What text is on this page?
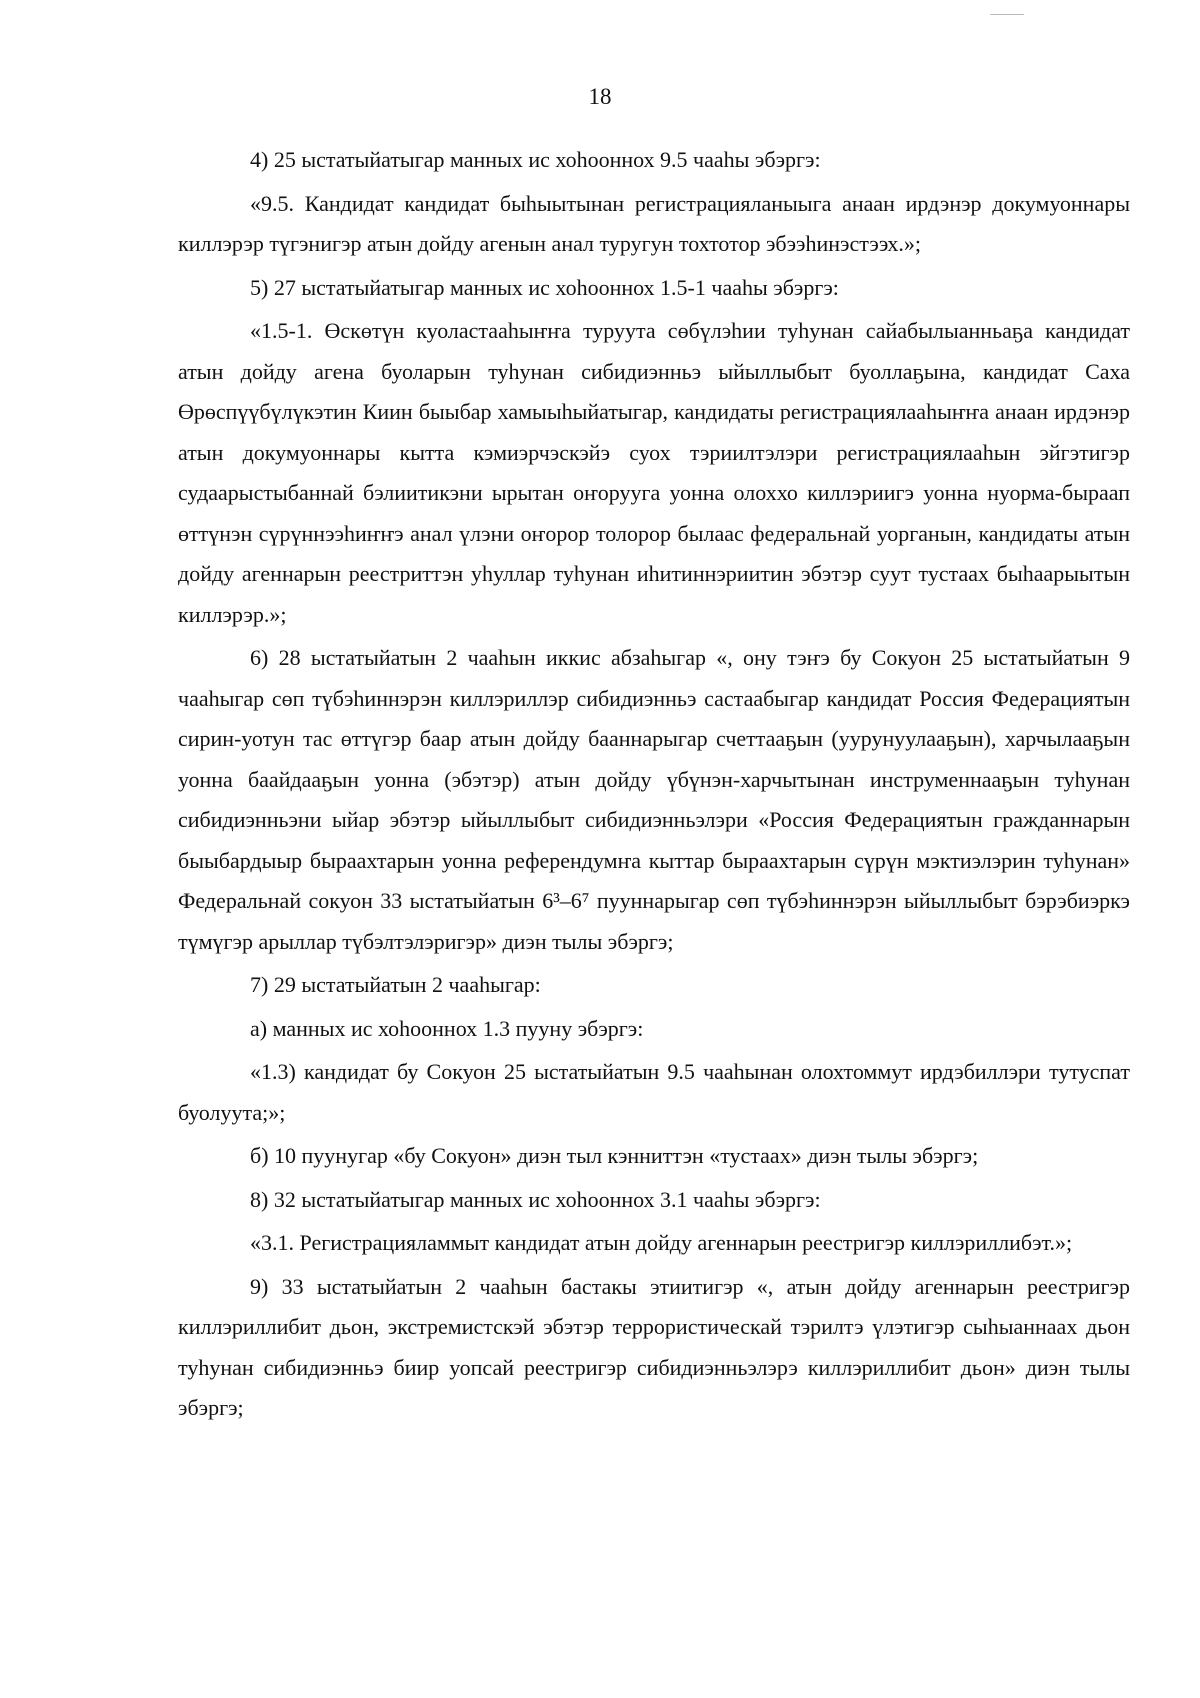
18

4) 25 ыстатыйатыгар манных ис хоһооннох 9.5 чааһы эбэргэ:

«9.5. Кандидат кандидат быһыытынан регистрацияланыыга анаан ирдэнэр докумуоннары киллэрэр түгэнигэр атын дойду агенын анал туругун тохтотор эбээһинэстээх.»;

5) 27 ыстатыйатыгар манных ис хоһооннох 1.5-1 чааһы эбэргэ:

«1.5-1. Өскөтүн куоластааһыҥҥа туруута сөбүлэһии туһунан сайабылыанньаҕа кандидат атын дойду агена буоларын туһунан сибидиэнньэ ыйыллыбыт буоллаҕына, кандидат Саха Өрөспүүбүлүкэтин Киин быыбар хамыыһыйатыгар, кандидаты регистрациялааһыҥҥа анаан ирдэнэр атын докумуоннары кытта кэмиэрчэскэйэ суох тэриилтэлэри регистрациялааһын эйгэтигэр судаарыстыбаннай бэлиитикэни ырытан оҥорууга уонна олоххо киллэриигэ уонна нуорма-быраап өттүнэн сүрүннээһиҥҥэ анал үлэни оҥорор толорор былаас федеральнай уорганын, кандидаты атын дойду агеннарын реестриттэн уһуллар туһунан иһитиннэриитин эбэтэр суут тустаах быһаарыытын киллэрэр.»;

6) 28 ыстатыйатын 2 чааһын иккис абзаһыгар «, ону тэҥэ бу Сокуон 25 ыстатыйатын 9 чааһыгар сөп түбэһиннэрэн киллэриллэр сибидиэнньэ састаабыгар кандидат Россия Федерациятын сирин-уотун тас өттүгэр баар атын дойду бааннарыгар счеттааҕын (уурунуулааҕын), харчылааҕын уонна баайдааҕын уонна (эбэтэр) атын дойду үбүнэн-харчытынан инструменнааҕын туһунан сибидиэнньэни ыйар эбэтэр ыйыллыбыт сибидиэнньэлэри «Россия Федерациятын гражданнарын быыбардыыр быраахтарын уонна референдумҥа кыттар быраахтарын сүрүн мэктиэлэрин туһунан» Федеральнай сокуон 33 ыстатыйатын 6³–6⁷ пууннарыгар сөп түбэһиннэрэн ыйыллыбыт бэрэбиэркэ түмүгэр арыллар түбэлтэлэригэр» диэн тылы эбэргэ;

7) 29 ыстатыйатын 2 чааһыгар:

а) манных ис хоһооннох 1.3 пууну эбэргэ:

«1.3) кандидат бу Сокуон 25 ыстатыйатын 9.5 чааһынан олохтоммут ирдэбиллэри тутуспат буолуута;»;

б) 10 пуунугар «бу Сокуон» диэн тыл кэнниттэн «тустаах» диэн тылы эбэргэ;

8) 32 ыстатыйатыгар манных ис хоһооннох 3.1 чааһы эбэргэ:

«3.1. Регистрацияламмыт кандидат атын дойду агеннарын реестригэр киллэриллибэт.»;

9) 33 ыстатыйатын 2 чааһын бастакы этиитигэр «, атын дойду агеннарын реестригэр киллэриллибит дьон, экстремистскэй эбэтэр террористическай тэрилтэ үлэтигэр сыһыаннаах дьон туһунан сибидиэнньэ биир уопсай реестригэр сибидиэнньэлэрэ киллэриллибит дьон» диэн тылы эбэргэ;
